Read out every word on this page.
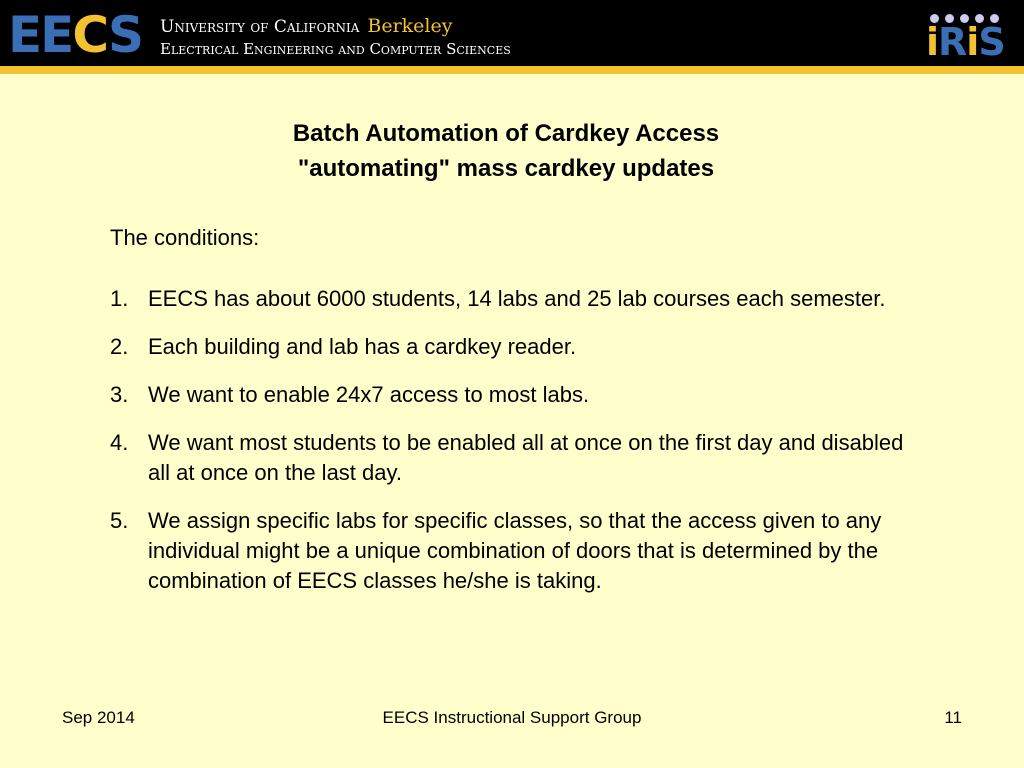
EECS	University of California Berkeley
Electrical Engineering and Computer Sciences	iRiS
Batch Automation of Cardkey Access
"automating" mass cardkey updates
The conditions:
1. EECS has about 6000 students, 14 labs and 25 lab courses each semester.
2. Each building and lab has a cardkey reader.
3. We want to enable 24x7 access to most labs.
4. We want most students to be enabled all at once on the first day and disabled all at once on the last day.
5. We assign specific labs for specific classes, so that the access given to any individual might be a unique combination of doors that is determined by the combination of EECS classes he/she is taking.
Sep 2014	EECS Instructional Support Group	11
